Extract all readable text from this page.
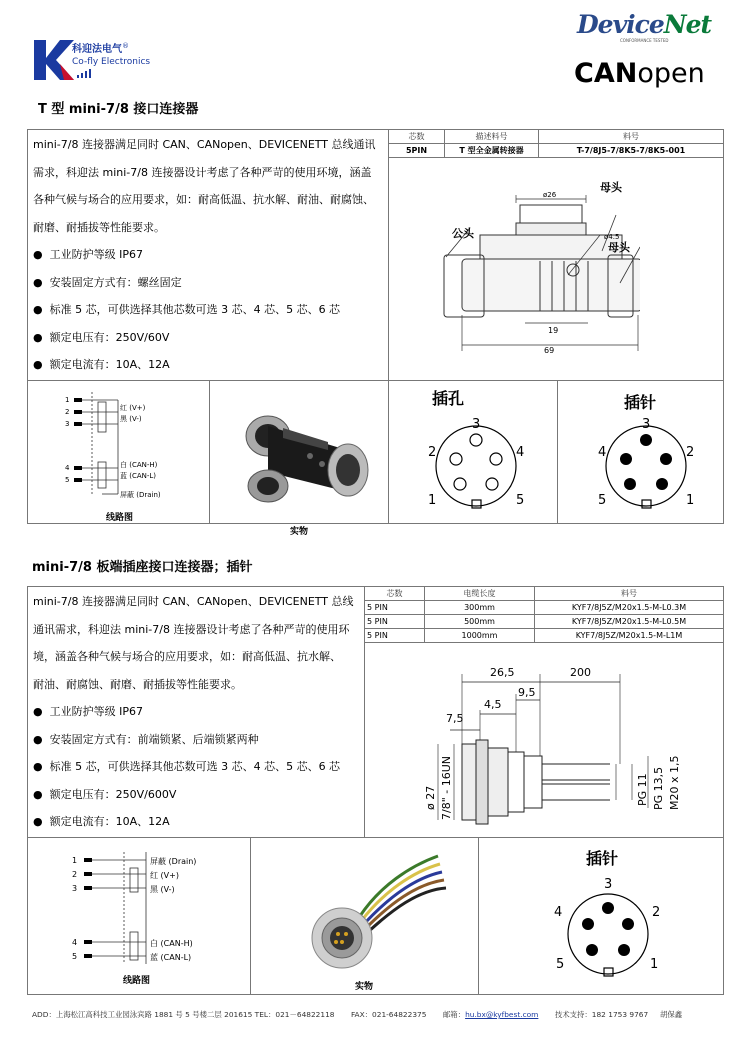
科迎法电气®
Co-fly Electronics
DeviceNet
CONFORMANCE TESTED
CANopen
T 型 mini-7/8 接口连接器
mini-7/8 连接器满足同时 CAN、CANopen、DEVICENETT 总线通讯
需求，科迎法 mini-7/8 连接器设计考虑了各种严苛的使用环境，涵盖
各种气候与场合的应用要求，如：耐高低温、抗水解、耐油、耐腐蚀、
耐磨、耐插拔等性能要求。
●  工业防护等级 IP67
●  安装固定方式有：螺丝固定
●  标准 5 芯，可供选择其他芯数可选 3 芯、4 芯、5 芯、6 芯
●  额定电压有：250V/60V
●  额定电流有：10A、12A
芯数	描述料号	料号
5PIN	T 型全金属转接器	T-7/8J5-7/8K5-7/8K5-001
母头
公头
母头
ø26
ø4.5
19
69
1
2
3
4
5
红 (V+)
黑 (V-)
白 (CAN-H)
蓝 (CAN-L)
屏蔽 (Drain)
线路图
实物
插孔
3
2	4
1	5
插针
3
4	2
5	1
mini-7/8 板端插座接口连接器；插针
mini-7/8 连接器满足同时 CAN、CANopen、DEVICENETT 总线
通讯需求，科迎法 mini-7/8 连接器设计考虑了各种严苛的使用环
境，涵盖各种气候与场合的应用要求，如：耐高低温、抗水解、
耐油、耐腐蚀、耐磨、耐插拔等性能要求。
●  工业防护等级 IP67
●  安装固定方式有：前端锁紧、后端锁紧两种
●  标准 5 芯，可供选择其他芯数可选 3 芯、4 芯、5 芯、6 芯
●  额定电压有：250V/600V
●  额定电流有：10A、12A
芯数	电缆长度	料号
5 PIN	300mm	KYF7/8J5Z/M20x1.5-M-L0.3M
5 PIN	500mm	KYF7/8J5Z/M20x1.5-M-L0.5M
5 PIN	1000mm	KYF7/8J5Z/M20x1.5-M-L1M
26,5	200
9,5
4,5
7,5
ø 27 7/8" - 16UN	PG 11 PG 13,5 M20 x 1,5
1
2
3
4
5
屏蔽 (Drain)
红 (V+)
黑 (V-)
白 (CAN-H)
蓝 (CAN-L)
线路图
实物
插针
3
4	2
5	1
ADD：上海松江高科技工业园泳宾路 1881 号 5 号楼二层 201615 TEL：021－64822118 FAX：021-64822375 邮箱：hu.bx@kyfbest.com 技术支持：182 1753 9767 胡保鑫
